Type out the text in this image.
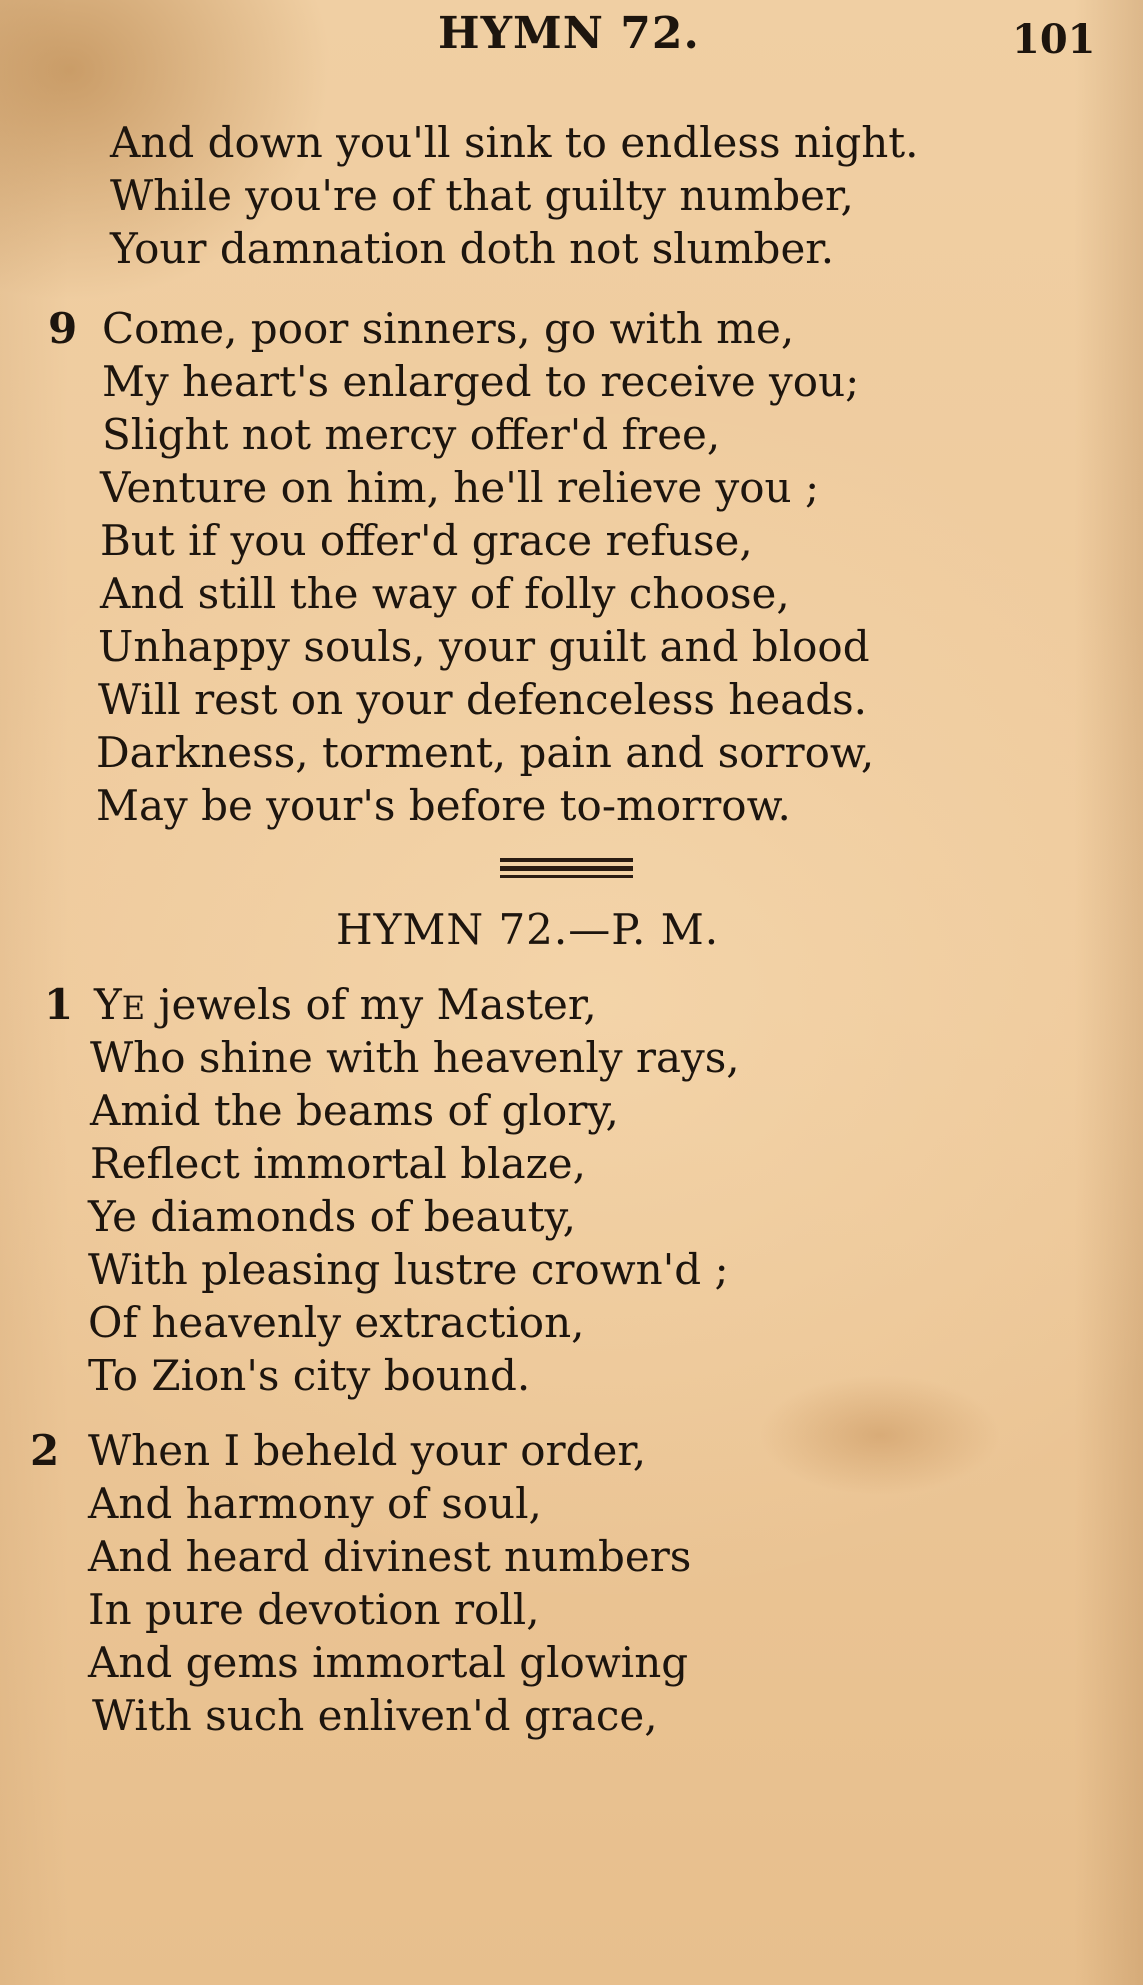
HYMN 72.	101
And down you'll sink to endless night.
While you're of that guilty number,
Your damnation doth not slumber.
9 Come, poor sinners, go with me,
My heart's enlarged to receive you;
Slight not mercy offer'd free,
Venture on him, he'll relieve you ;
But if you offer'd grace refuse,
And still the way of folly choose,
Unhappy souls, your guilt and blood
Will rest on your defenceless heads.
Darkness, torment, pain and sorrow,
May be your's before to-morrow.
HYMN 72.—P. M.
1 YE jewels of my Master,
Who shine with heavenly rays,
Amid the beams of glory,
Reflect immortal blaze,
Ye diamonds of beauty,
With pleasing lustre crown'd ;
Of heavenly extraction,
To Zion's city bound.
2 When I beheld your order,
And harmony of soul,
And heard divinest numbers
In pure devotion roll,
And gems immortal glowing
With such enliven'd grace,
